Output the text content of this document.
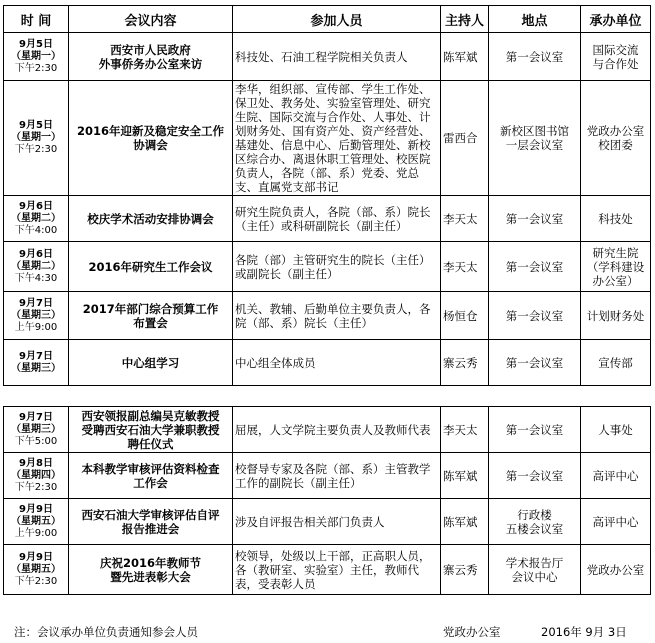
时 间	会议内容	参加人员	主持人	地点	承办单位

9月5日
（星期一）
下午2:30	西安市人民政府
外事侨务办公室来访	科技处、石油工程学院相关负责人	陈军斌	第一会议室	国际交流
与合作处

9月5日
（星期一）
下午2:30	2016年迎新及稳定安全工作
协调会	李华，组织部、宣传部、学生工作处、保卫处、教务处、实验室管理处、研究生院、国际交流与合作处、人事处、计划财务处、国有资产处、资产经营处、基建处、信息中心、后勤管理处、新校区综合办、离退休职工管理处、校医院负责人，各院（部、系）党委、党总支、直属党支部书记	雷西合	新校区图书馆
一层会议室	党政办公室
校团委

9月6日
（星期二）
下午4:00	校庆学术活动安排协调会	研究生院负责人，各院（部、系）院长（主任）或科研副院长（副主任）	李天太	第一会议室	科技处

9月6日
（星期二）
下午4:30	2016年研究生工作会议	各院（部）主管研究生的院长（主任）或副院长（副主任）	李天太	第一会议室	研究生院
（学科建设
办公室）

9月7日
（星期三）
上午9:00	2017年部门综合预算工作
布置会	机关、教辅、后勤单位主要负责人，各院（部、系）院长（主任）	杨恒仓	第一会议室	计划财务处

9月7日
（星期三）	中心组学习	中心组全体成员	寨云秀	第一会议室	宣传部
9月7日
（星期三）
下午5:00	西安领报副总编吴克敏教授
受聘西安石油大学兼职教授
聘任仪式	屈展，人文学院主要负责人及教师代表	李天太	第一会议室	人事处

9月8日
（星期四）
下午2:30	本科教学审核评估资料检查
工作会	校督导专家及各院（部、系）主管教学工作的副院长（副主任）	陈军斌	第一会议室	高评中心

9月9日
（星期五）
上午9:00	西安石油大学审核评估自评
报告推进会	涉及自评报告相关部门负责人	陈军斌	行政楼
五楼会议室	高评中心

9月9日
（星期五）
下午2:30	庆祝2016年教师节
暨先进表彰大会	校领导，处级以上干部，正高职人员，各（教研室、实验室）主任，教师代表，受表彰人员	寨云秀	学术报告厅
会议中心	党政办公室
注：会议承办单位负责通知参会人员	党政办公室	2016年 9月 3日
